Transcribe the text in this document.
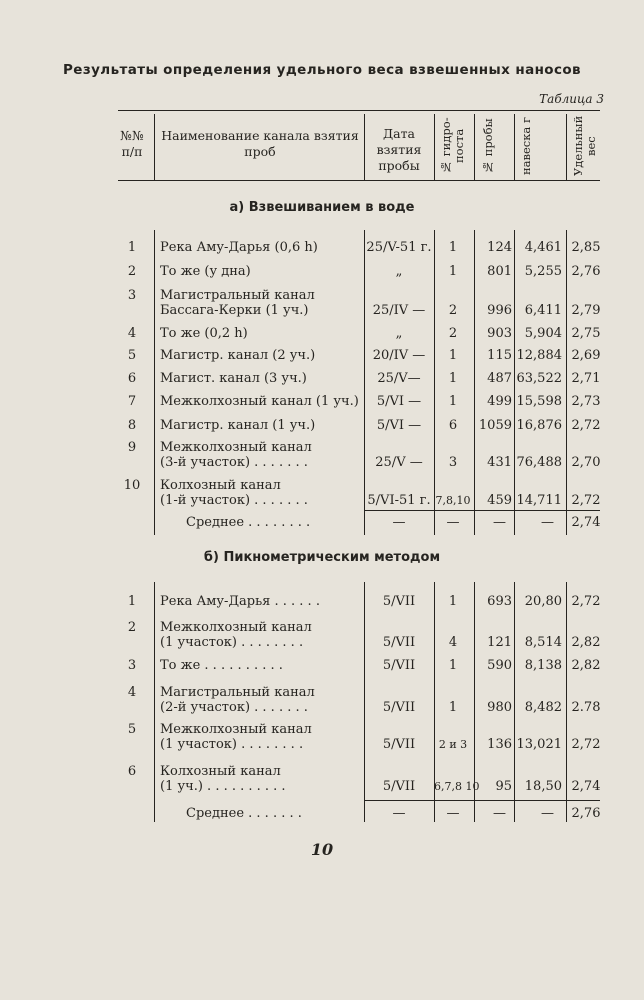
Результаты определения удельного веса взвешенных наносов
Таблица 3
№№ п/п
Наименование канала взятия проб
Дата взятия пробы	№ гидро-поста № пробы	навеска г	Удельный вес
а) Взвешиванием в воде
1	Река Аму-Дарья (0,6 h)	25/V-51 г.	1	124 4,461 2,85
2	То же (у дна)	„	1	801 5,255 2,76
3	Магистральный канал
Бассага-Керки (1 уч.)	25/IV —	2	996 6,411 2,79
4	То же (0,2 h)	„	2	903 5,904 2,75
5	Магистр. канал (2 уч.)	20/IV —	1	115 12,884 2,69
6	Магист. канал (3 уч.)	25/V—	1	487 63,522 2,71
7	Межколхозный канал (1 уч.)	5/VI —	1	499 15,598 2,73
8	Магистр. канал (1 уч.)	5/VI —	6	1059 16,876 2,72
9	Межколхозный канал
(3-й участок) . . . . . . .	25/V —	3	431 76,488 2,70
10	Колхозный канал
(1-й участок) . . . . . . .	5/VI-51 г. 7,8,10	459 14,711 2,72
Среднее . . . . . . . .	—	—	—	—	2,74
б) Пикнометрическим методом
1	Река Аму-Дарья . . . . . .	5/VII	1	693 20,80 2,72
2	Межколхозный канал
(1 участок) . . . . . . . .	5/VII	4	121 8,514 2,82
3	То же . . . . . . . . . .	5/VII	1	590 8,138 2,82
4	Магистральный канал
(2-й участок) . . . . . . .	5/VII	1	980 8,482 2.78
5	Межколхозный канал
(1 участок) . . . . . . . .	5/VII	2 и 3	136 13,021 2,72
6	Колхозный канал
(1 уч.) . . . . . . . . . .	5/VII	6,7,8 10	95 18,50 2,74
Среднее . . . . . . .	—	—	—	—	2,76
10
